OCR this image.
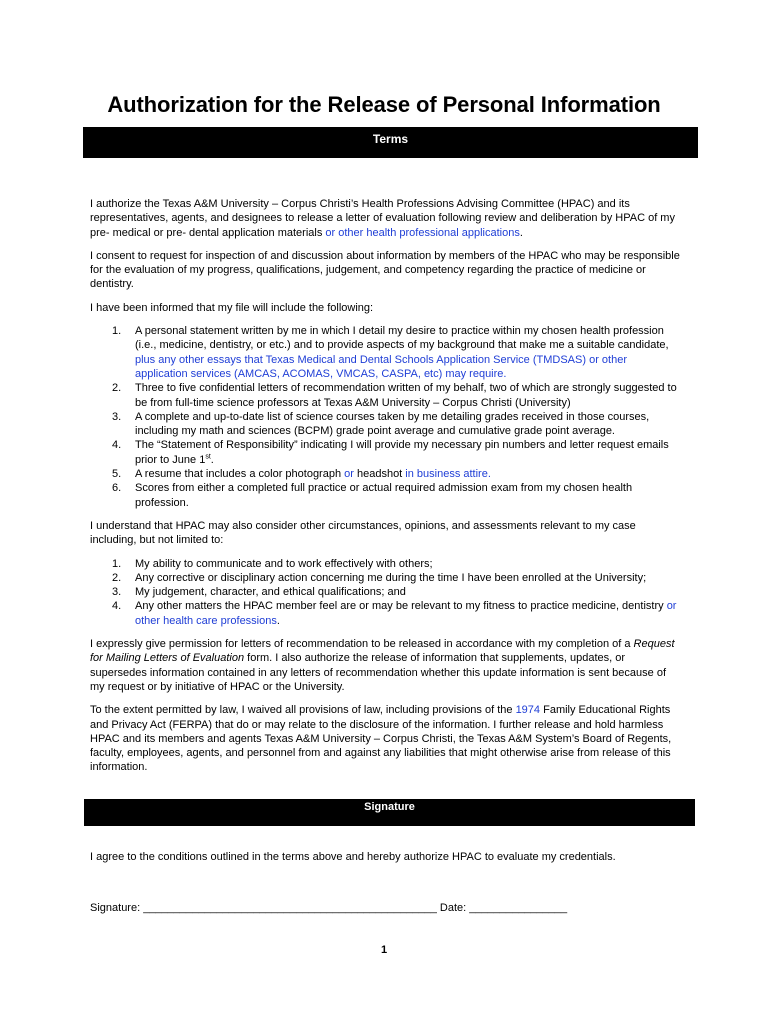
Authorization for the Release of Personal Information
Terms

I authorize the Texas A&M University – Corpus Christi’s Health Professions Advising Committee (HPAC) and its representatives, agents, and designees to release a letter of evaluation following review and deliberation by HPAC of my pre- medical or pre- dental application materials or other health professional applications.

I consent to request for inspection of and discussion about information by members of the HPAC who may be responsible for the evaluation of my progress, qualifications, judgement, and competency regarding the practice of medicine or dentistry.

I have been informed that my file will include the following:

1. A personal statement written by me in which I detail my desire to practice within my chosen health profession (i.e., medicine, dentistry, or etc.) and to provide aspects of my background that make me a suitable candidate, plus any other essays that Texas Medical and Dental Schools Application Service (TMDSAS) or other application services (AMCAS, ACOMAS, VMCAS, CASPA, etc) may require.
2. Three to five confidential letters of recommendation written of my behalf, two of which are strongly suggested to be from full-time science professors at Texas A&M University – Corpus Christi (University)
3. A complete and up-to-date list of science courses taken by me detailing grades received in those courses, including my math and sciences (BCPM) grade point average and cumulative grade point average.
4. The “Statement of Responsibility” indicating I will provide my necessary pin numbers and letter request emails prior to June 1st.
5. A resume that includes a color photograph or headshot in business attire.
6. Scores from either a completed full practice or actual required admission exam from my chosen health profession.

I understand that HPAC may also consider other circumstances, opinions, and assessments relevant to my case including, but not limited to:

1. My ability to communicate and to work effectively with others;
2. Any corrective or disciplinary action concerning me during the time I have been enrolled at the University;
3. My judgement, character, and ethical qualifications; and
4. Any other matters the HPAC member feel are or may be relevant to my fitness to practice medicine, dentistry or other health care professions.

I expressly give permission for letters of recommendation to be released in accordance with my completion of a Request for Mailing Letters of Evaluation form. I also authorize the release of information that supplements, updates, or supersedes information contained in any letters of recommendation whether this update information is sent because of my request or by initiative of HPAC or the University.

To the extent permitted by law, I waived all provisions of law, including provisions of the 1974 Family Educational Rights and Privacy Act (FERPA) that do or may relate to the disclosure of the information. I further release and hold harmless HPAC and its members and agents Texas A&M University – Corpus Christi, the Texas A&M System’s Board of Regents, faculty, employees, agents, and personnel from and against any liabilities that might otherwise arise from release of this information.

Signature
I agree to the conditions outlined in the terms above and hereby authorize HPAC to evaluate my credentials.
Signature: ________________________________________________ Date: ________________
1
